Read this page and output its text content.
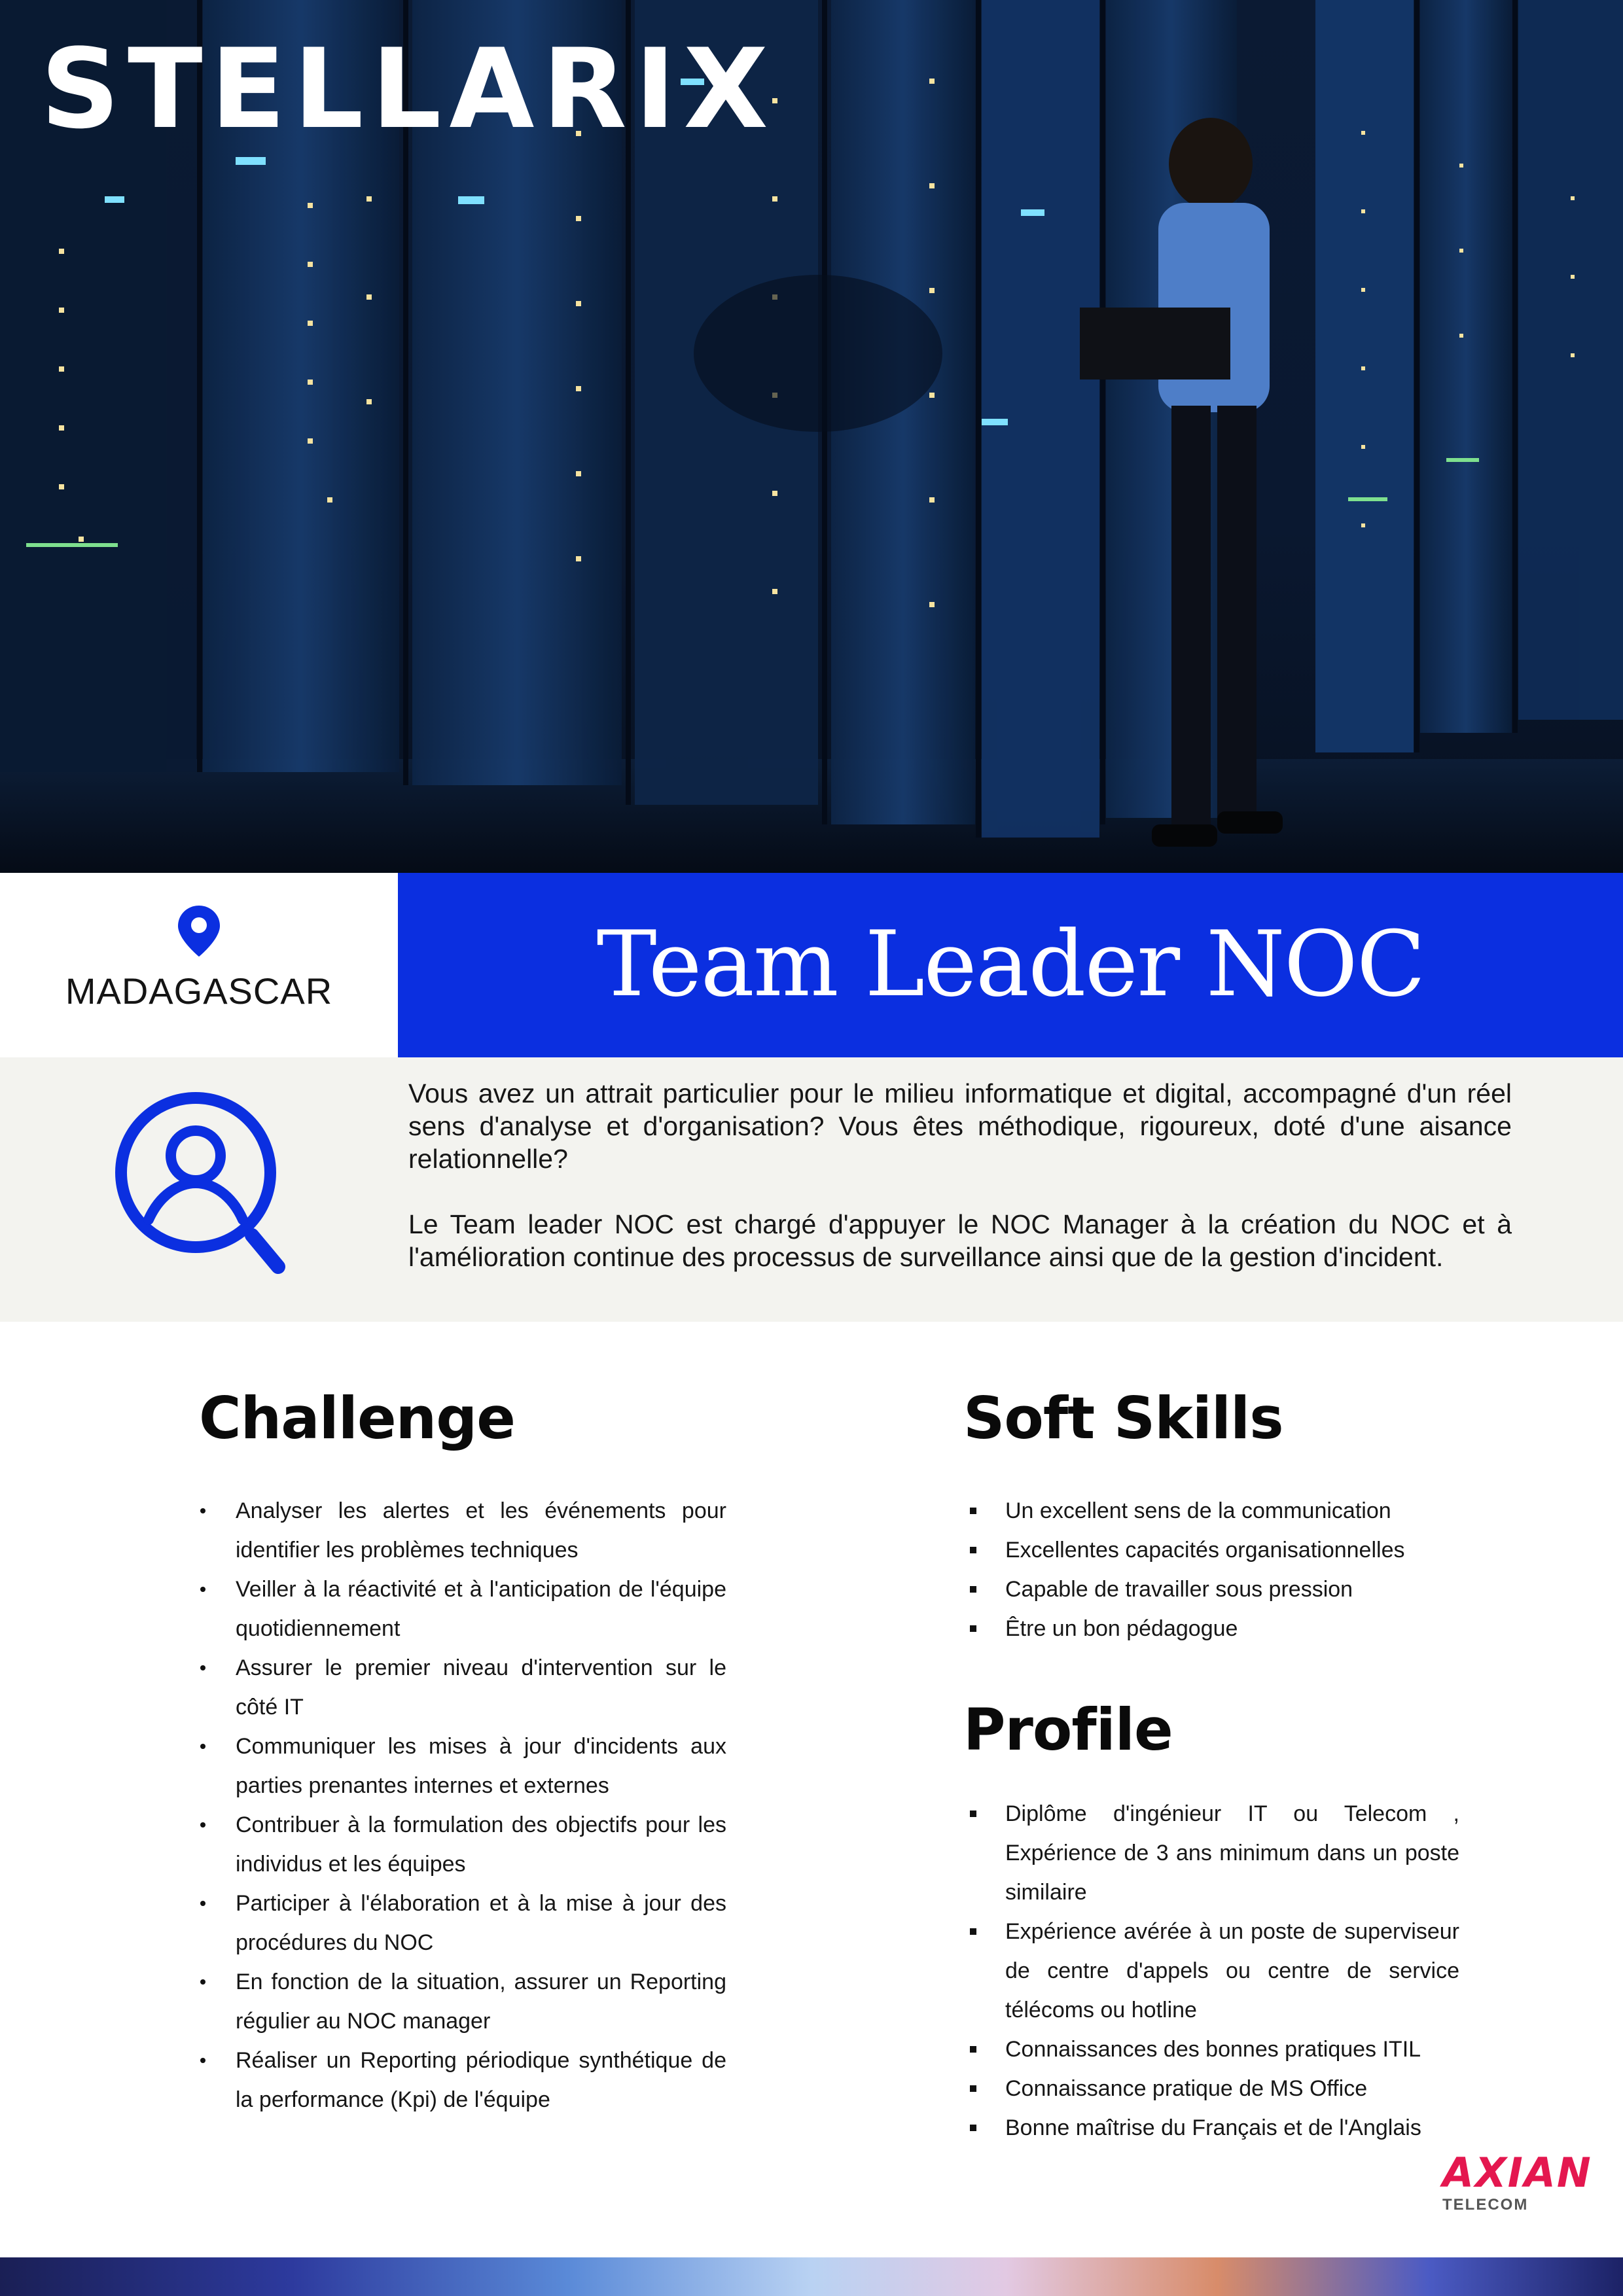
STELLARIX
MADAGASCAR	Team Leader NOC

Vous avez un attrait particulier pour le milieu informatique et digital, accompagné d'un réel sens d'analyse et d'organisation? Vous êtes méthodique, rigoureux, doté d'une aisance relationnelle?

Le Team leader NOC est chargé d'appuyer le NOC Manager à la création du NOC et à l'amélioration continue des processus de surveillance ainsi que de la gestion d'incident.

Challenge
Analyser les alertes et les événements pour identifier les problèmes techniques
Veiller à la réactivité et à l'anticipation de l'équipe quotidiennement
Assurer le premier niveau d'intervention sur le côté IT
Communiquer les mises à jour d'incidents aux parties prenantes internes et externes
Contribuer à la formulation des objectifs pour les individus et les équipes
Participer à l'élaboration et à la mise à jour des procédures du NOC
En fonction de la situation, assurer un Reporting régulier au NOC manager
Réaliser un Reporting périodique synthétique de la performance (Kpi) de l'équipe
Soft Skills
Un excellent sens de la communication
Excellentes capacités organisationnelles
Capable de travailler sous pression
Être un bon pédagogue
Profile
Diplôme d'ingénieur IT ou Telecom , Expérience de 3 ans minimum dans un poste similaire
Expérience avérée à un poste de superviseur de centre d'appels ou centre de service télécoms ou hotline
Connaissances des bonnes pratiques ITIL
Connaissance pratique de MS Office
Bonne maîtrise du Français et de l'Anglais
AXIAN
TELECOM
